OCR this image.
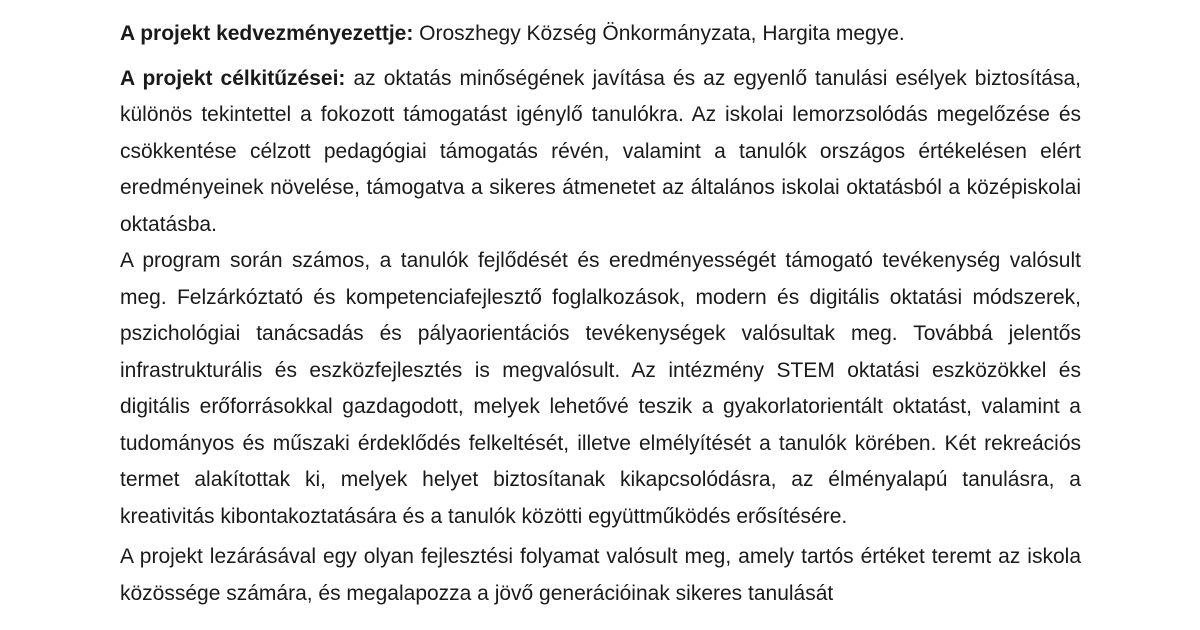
A projekt kedvezményezettje: Oroszhegy Község Önkormányzata, Hargita megye.

A projekt célkitűzései: az oktatás minőségének javítása és az egyenlő tanulási esélyek biztosítása, különös tekintettel a fokozott támogatást igénylő tanulókra. Az iskolai lemorzsolódás megelőzése és csökkentése célzott pedagógiai támogatás révén, valamint a tanulók országos értékelésen elért eredményeinek növelése, támogatva a sikeres átmenetet az általános iskolai oktatásból a középiskolai oktatásba.

A program során számos, a tanulók fejlődését és eredményességét támogató tevékenység valósult meg. Felzárkóztató és kompetenciafejlesztő foglalkozások, modern és digitális oktatási módszerek, pszichológiai tanácsadás és pályaorientációs tevékenységek valósultak meg. Továbbá jelentős infrastrukturális és eszközfejlesztés is megvalósult. Az intézmény STEM oktatási eszközökkel és digitális erőforrásokkal gazdagodott, melyek lehetővé teszik a gyakorlatorientált oktatást, valamint a tudományos és műszaki érdeklődés felkeltését, illetve elmélyítését a tanulók körében. Két rekreációs termet alakítottak ki, melyek helyet biztosítanak kikapcsolódásra, az élményalapú tanulásra, a kreativitás kibontakoztatására és a tanulók közötti együttműködés erősítésére.

A projekt lezárásával egy olyan fejlesztési folyamat valósult meg, amely tartós értéket teremt az iskola közössége számára, és megalapozza a jövő generációinak sikeres tanulását
